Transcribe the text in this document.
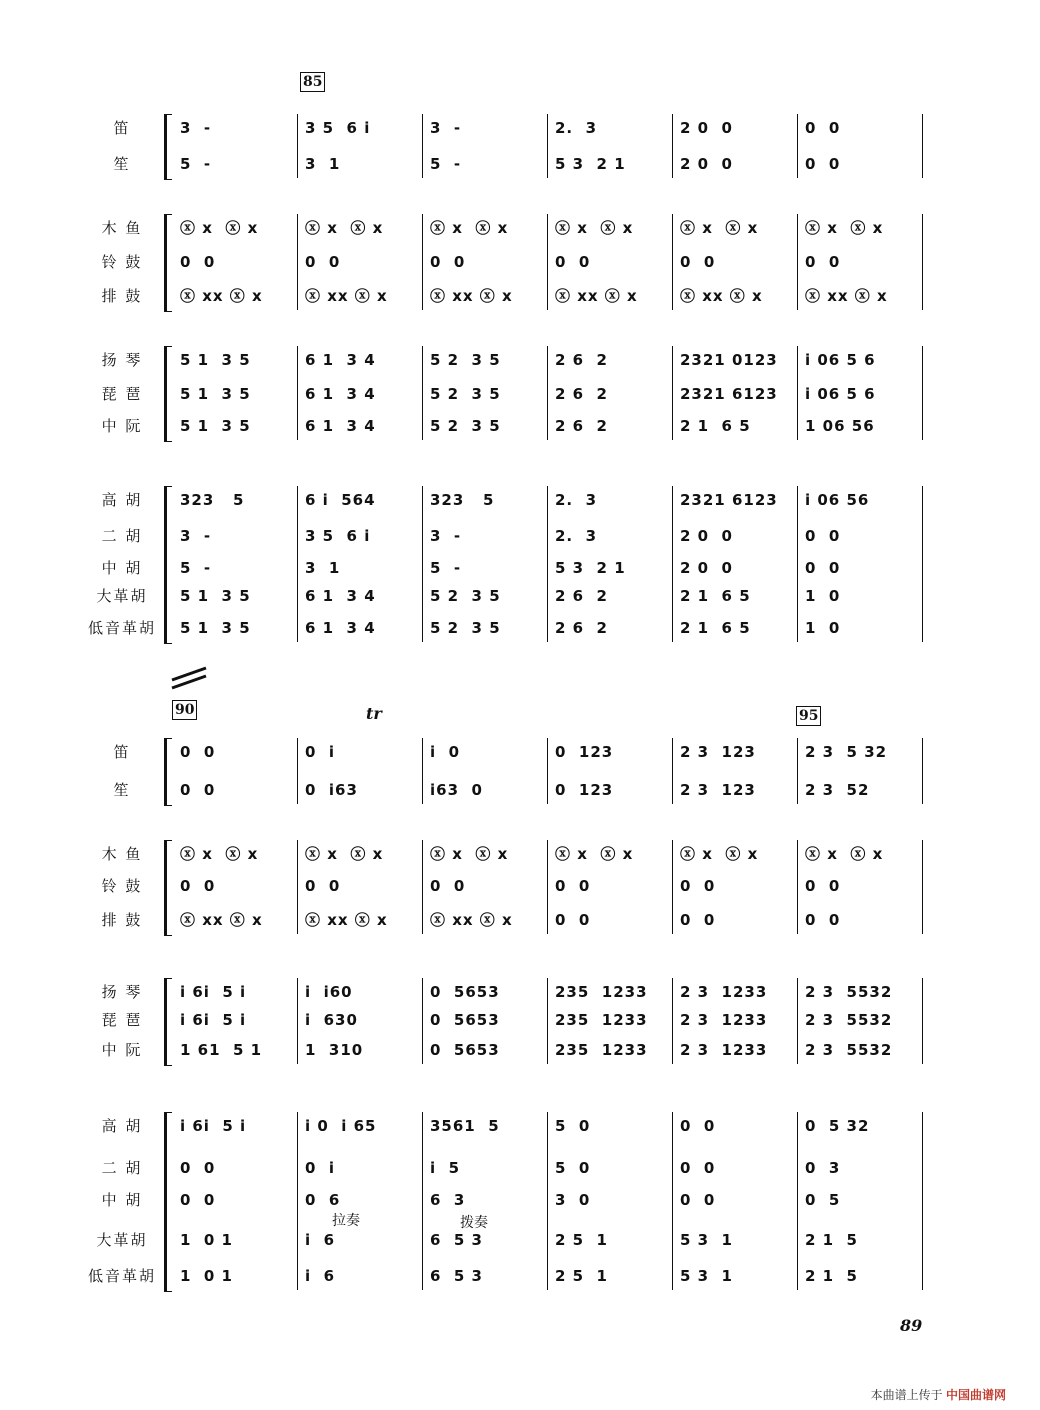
85
笛	3  -	3 5  6 i	3  -	2.  3	2 0  0	0  0
笙	5  -	3  1	5  -	5 3  2 1	2 0  0	0  0
木 鱼	ⓧ x  ⓧ x	ⓧ x  ⓧ x	ⓧ x  ⓧ x	ⓧ x  ⓧ x	ⓧ x  ⓧ x	ⓧ x  ⓧ x
铃 鼓	0  0	0  0	0  0	0  0	0  0	0  0
排 鼓	ⓧ xx ⓧ x	ⓧ xx ⓧ x	ⓧ xx ⓧ x	ⓧ xx ⓧ x	ⓧ xx ⓧ x	ⓧ xx ⓧ x
扬 琴	5 1  3 5	6 1  3 4	5 2  3 5	2 6  2	2321 0123	i 06 5 6
琵 琶	5 1  3 5	6 1  3 4	5 2  3 5	2 6  2	2321 6123	i 06 5 6
中 阮	5 1  3 5	6 1  3 4	5 2  3 5	2 6  2	2 1  6 5	1 06 56
高 胡	323   5	6 i  564	323   5	2.  3	2321 6123	i 06 56
二 胡	3  -	3 5  6 i	3  -	2.  3	2 0  0	0  0
中 胡	5  -	3  1	5  -	5 3  2 1	2 0  0	0  0
大革胡	5 1  3 5	6 1  3 4	5 2  3 5	2 6  2	2 1  6 5	1  0
低音革胡 5 1  3 5	6 1  3 4	5 2  3 5	2 6  2	2 1  6 5	1  0
90	95
tr
拉奏	拨奏
笛	0  0	0  i	i  0	0  123	2 3  123	2 3  5 32
笙	0  0	0  i63	i63  0	0  123	2 3  123	2 3  52
木 鱼	ⓧ x  ⓧ x	ⓧ x  ⓧ x	ⓧ x  ⓧ x	ⓧ x  ⓧ x	ⓧ x  ⓧ x	ⓧ x  ⓧ x
铃 鼓	0  0	0  0	0  0	0  0	0  0	0  0
排 鼓	ⓧ xx ⓧ x	ⓧ xx ⓧ x	ⓧ xx ⓧ x	0  0	0  0	0  0
扬 琴	i 6i  5 i	i  i60	0  5653	235  1233	2 3  1233	2 3  5532
琵 琶	i 6i  5 i	i  630	0  5653	235  1233	2 3  1233	2 3  5532
中 阮	1 61  5 1	1  310	0  5653	235  1233	2 3  1233	2 3  5532
高 胡	i 6i  5 i	i 0  i 65	3561  5	5  0	0  0	0  5 32
二 胡	0  0	0  i	i  5	5  0	0  0	0  3
中 胡	0  0	0  6	6  3	3  0	0  0	0  5
大革胡	1  0 1	i  6	6  5 3	2 5  1	5 3  1	2 1  5
低音革胡 1  0 1	i  6	6  5 3	2 5  1	5 3  1	2 1  5
89
本曲谱上传于 中国曲谱网
